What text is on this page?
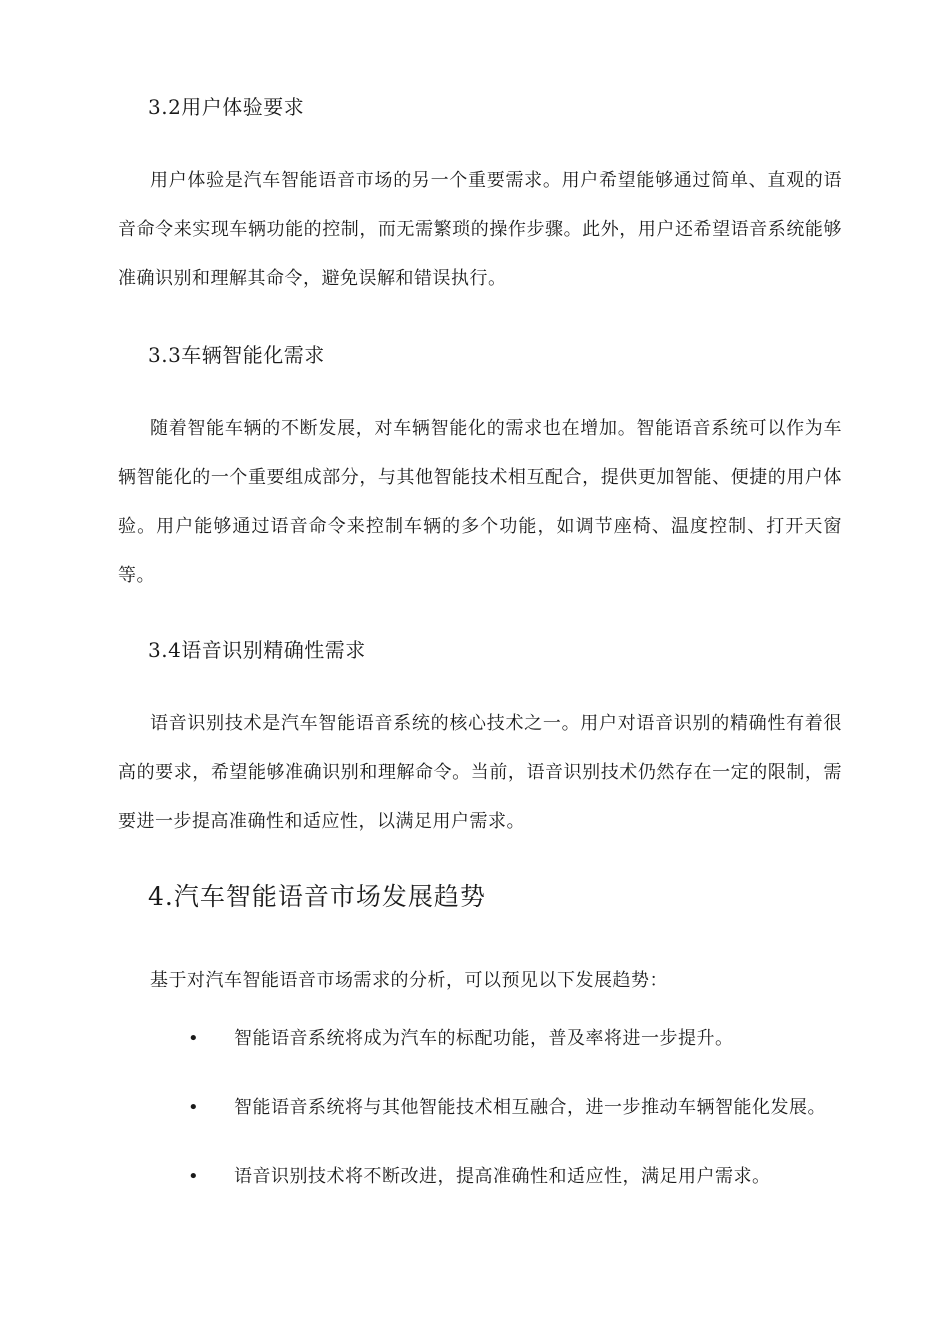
3.2用户体验要求

用户体验是汽车智能语音市场的另一个重要需求。用户希望能够通过简单、直观的语音命令来实现车辆功能的控制，而无需繁琐的操作步骤。此外，用户还希望语音系统能够准确识别和理解其命令，避免误解和错误执行。

3.3车辆智能化需求

随着智能车辆的不断发展，对车辆智能化的需求也在增加。智能语音系统可以作为车辆智能化的一个重要组成部分，与其他智能技术相互配合，提供更加智能、便捷的用户体验。用户能够通过语音命令来控制车辆的多个功能，如调节座椅、温度控制、打开天窗等。

3.4语音识别精确性需求

语音识别技术是汽车智能语音系统的核心技术之一。用户对语音识别的精确性有着很高的要求，希望能够准确识别和理解命令。当前，语音识别技术仍然存在一定的限制，需要进一步提高准确性和适应性，以满足用户需求。

4.汽车智能语音市场发展趋势

基于对汽车智能语音市场需求的分析，可以预见以下发展趋势：

• 智能语音系统将成为汽车的标配功能，普及率将进一步提升。
• 智能语音系统将与其他智能技术相互融合，进一步推动车辆智能化发展。
• 语音识别技术将不断改进，提高准确性和适应性，满足用户需求。
